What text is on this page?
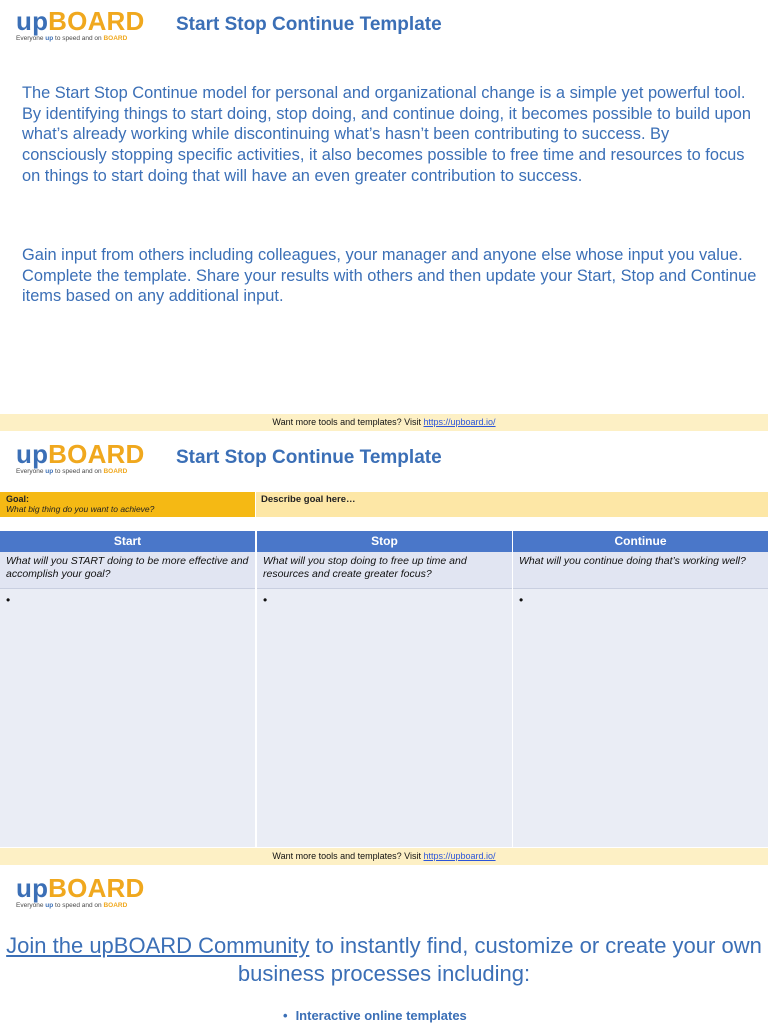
upBOARD
Everyone up to speed and on BOARD
Start Stop Continue Template
The Start Stop Continue model for personal and organizational change is a simple yet powerful tool. By identifying things to start doing, stop doing, and continue doing, it becomes possible to build upon what’s already working while discontinuing what’s hasn’t been contributing to success. By consciously stopping specific activities, it also becomes possible to free time and resources to focus on things to start doing that will have an even greater contribution to success.
Gain input from others including colleagues, your manager and anyone else whose input you value. Complete the template. Share your results with others and then update your Start, Stop and Continue items based on any additional input.
Want more tools and templates? Visit https://upboard.io/
upBOARD
Everyone up to speed and on BOARD
Start Stop Continue Template
Goal:
What big thing do you want to achieve?
Describe goal here…
Start
What will you START doing to be more effective and accomplish your goal?
•
Stop
What will you stop doing to free up time and resources and create greater focus?
•
Continue
What will you continue doing that’s working well?
•
Want more tools and templates? Visit https://upboard.io/
upBOARD
Everyone up to speed and on BOARD
Join the upBOARD Community to instantly find, customize or create your own business processes including:
• Interactive online templates
